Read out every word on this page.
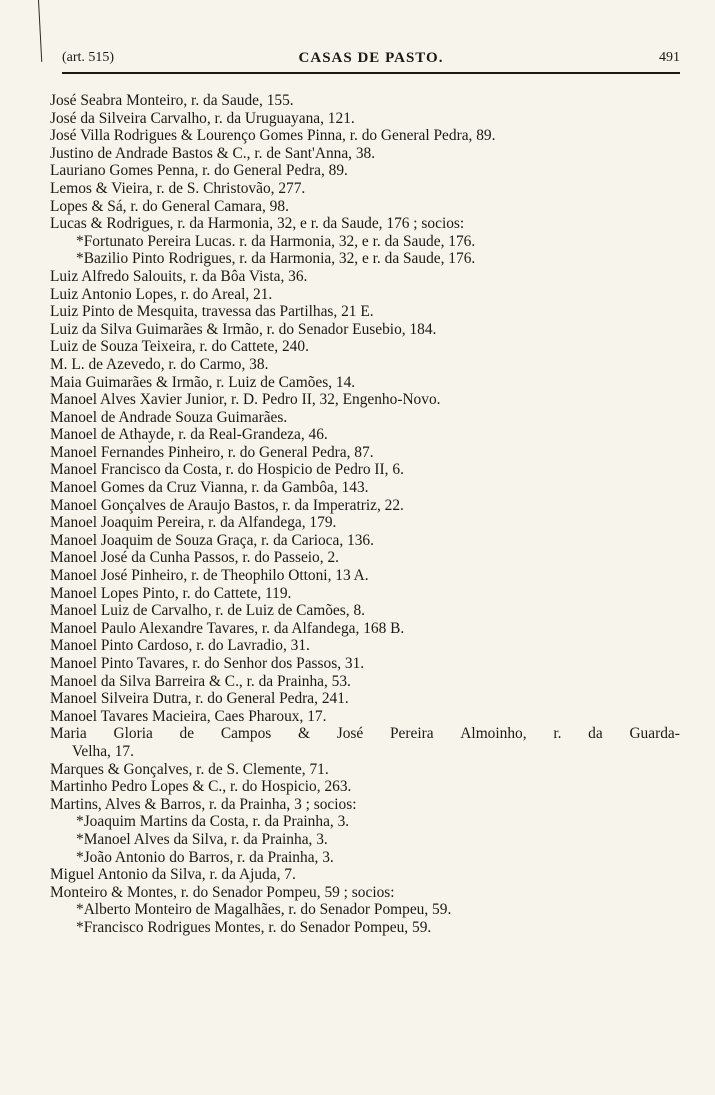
(art. 515)	CASAS DE PASTO.	491
José Seabra Monteiro, r. da Saude, 155.
José da Silveira Carvalho, r. da Uruguayana, 121.
José Villa Rodrigues & Lourenço Gomes Pinna, r. do General Pedra, 89.
Justino de Andrade Bastos & C., r. de Sant'Anna, 38.
Lauriano Gomes Penna, r. do General Pedra, 89.
Lemos & Vieira, r. de S. Christovão, 277.
Lopes & Sá, r. do General Camara, 98.
Lucas & Rodrigues, r. da Harmonia, 32, e r. da Saude, 176 ; socios:
*Fortunato Pereira Lucas. r. da Harmonia, 32, e r. da Saude, 176.
*Bazilio Pinto Rodrigues, r. da Harmonia, 32, e r. da Saude, 176.
Luiz Alfredo Salouits, r. da Bôa Vista, 36.
Luiz Antonio Lopes, r. do Areal, 21.
Luiz Pinto de Mesquita, travessa das Partilhas, 21 E.
Luiz da Silva Guimarães & Irmão, r. do Senador Eusebio, 184.
Luiz de Souza Teixeira, r. do Cattete, 240.
M. L. de Azevedo, r. do Carmo, 38.
Maia Guimarães & Irmão, r. Luiz de Camões, 14.
Manoel Alves Xavier Junior, r. D. Pedro II, 32, Engenho-Novo.
Manoel de Andrade Souza Guimarães.
Manoel de Athayde, r. da Real-Grandeza, 46.
Manoel Fernandes Pinheiro, r. do General Pedra, 87.
Manoel Francisco da Costa, r. do Hospicio de Pedro II, 6.
Manoel Gomes da Cruz Vianna, r. da Gambôa, 143.
Manoel Gonçalves de Araujo Bastos, r. da Imperatriz, 22.
Manoel Joaquim Pereira, r. da Alfandega, 179.
Manoel Joaquim de Souza Graça, r. da Carioca, 136.
Manoel José da Cunha Passos, r. do Passeio, 2.
Manoel José Pinheiro, r. de Theophilo Ottoni, 13 A.
Manoel Lopes Pinto, r. do Cattete, 119.
Manoel Luiz de Carvalho, r. de Luiz de Camões, 8.
Manoel Paulo Alexandre Tavares, r. da Alfandega, 168 B.
Manoel Pinto Cardoso, r. do Lavradio, 31.
Manoel Pinto Tavares, r. do Senhor dos Passos, 31.
Manoel da Silva Barreira & C., r. da Prainha, 53.
Manoel Silveira Dutra, r. do General Pedra, 241.
Manoel Tavares Macieira, Caes Pharoux, 17.
Maria Gloria de Campos & José Pereira Almoinho, r. da Guarda-
Velha, 17.
Marques & Gonçalves, r. de S. Clemente, 71.
Martinho Pedro Lopes & C., r. do Hospicio, 263.
Martins, Alves & Barros, r. da Prainha, 3 ; socios:
*Joaquim Martins da Costa, r. da Prainha, 3.
*Manoel Alves da Silva, r. da Prainha, 3.
*João Antonio do Barros, r. da Prainha, 3.
Miguel Antonio da Silva, r. da Ajuda, 7.
Monteiro & Montes, r. do Senador Pompeu, 59 ; socios:
*Alberto Monteiro de Magalhães, r. do Senador Pompeu, 59.
*Francisco Rodrigues Montes, r. do Senador Pompeu, 59.
